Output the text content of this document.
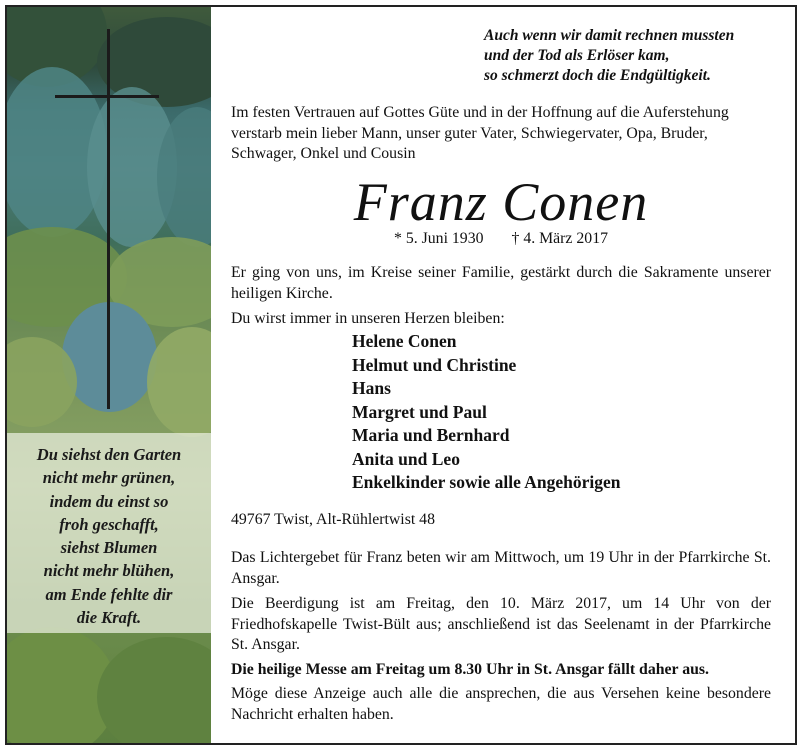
Du siehst den Garten
nicht mehr grünen,
indem du einst so
froh geschafft,
siehst Blumen
nicht mehr blühen,
am Ende fehlte dir
die Kraft.
Auch wenn wir damit rechnen mussten
und der Tod als Erlöser kam,
so schmerzt doch die Endgültigkeit.
Im festen Vertrauen auf Gottes Güte und in der Hoffnung auf die Auferstehung verstarb mein lieber Mann, unser guter Vater, Schwiegervater, Opa, Bruder, Schwager, Onkel und Cousin
Franz Conen
* 5. Juni 1930 † 4. März 2017
Er ging von uns, im Kreise seiner Familie, gestärkt durch die Sakramente unserer heiligen Kirche.
Du wirst immer in unseren Herzen bleiben:
Helene Conen
Helmut und Christine
Hans
Margret und Paul
Maria und Bernhard
Anita und Leo
Enkelkinder sowie alle Angehörigen
49767 Twist, Alt-Rühlertwist 48
Das Lichtergebet für Franz beten wir am Mittwoch, um 19 Uhr in der Pfarrkirche St. Ansgar.
Die Beerdigung ist am Freitag, den 10. März 2017, um 14 Uhr von der Friedhofskapelle Twist-Bült aus; anschließend ist das Seelenamt in der Pfarrkirche St. Ansgar.
Die heilige Messe am Freitag um 8.30 Uhr in St. Ansgar fällt daher aus.
Möge diese Anzeige auch alle die ansprechen, die aus Versehen keine besondere Nachricht erhalten haben.
